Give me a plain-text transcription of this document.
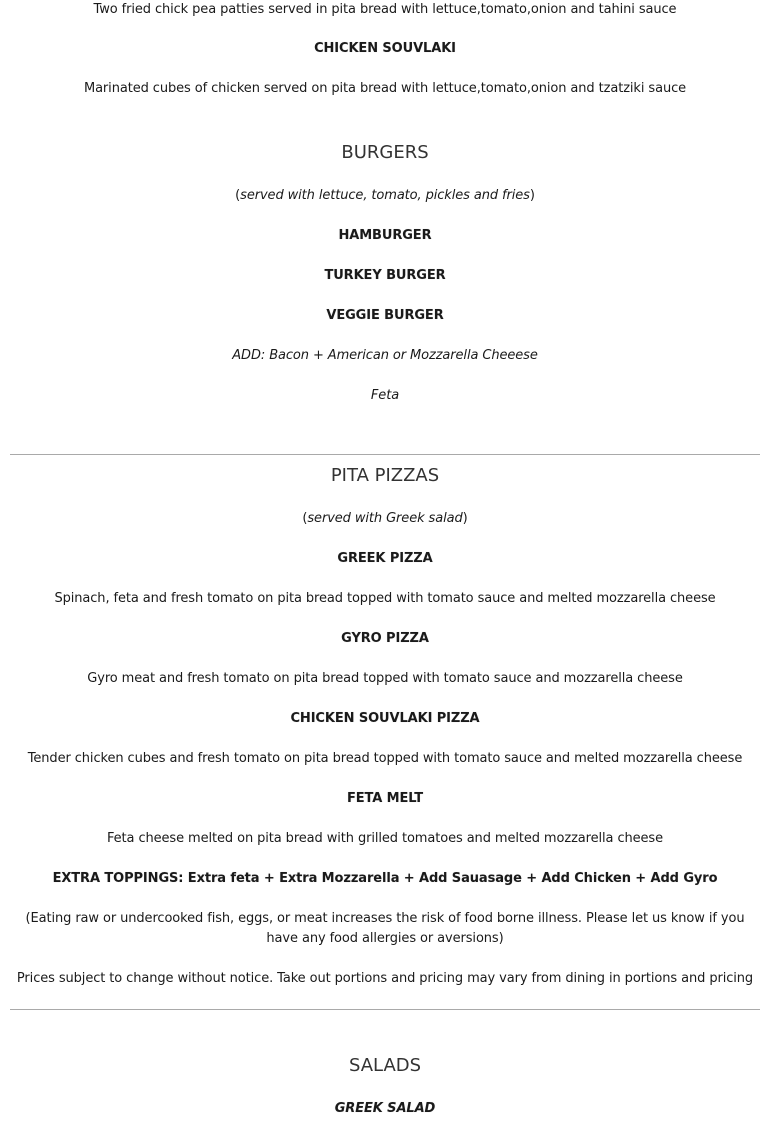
Two fried chick pea patties served in pita bread with lettuce,tomato,onion and tahini sauce
CHICKEN SOUVLAKI
Marinated cubes of chicken served on pita bread with lettuce,tomato,onion and tzatziki sauce
BURGERS
(served with lettuce, tomato, pickles and fries)
HAMBURGER
TURKEY BURGER
VEGGIE BURGER
ADD: Bacon + American or Mozzarella Cheeese
Feta
PITA PIZZAS
(served with Greek salad)
GREEK PIZZA
Spinach, feta and fresh tomato on pita bread topped with tomato sauce and melted mozzarella cheese
GYRO PIZZA
Gyro meat and fresh tomato on pita bread topped with tomato sauce and mozzarella cheese
CHICKEN SOUVLAKI PIZZA
Tender chicken cubes and fresh tomato on pita bread topped with tomato sauce and melted mozzarella cheese
FETA MELT
Feta cheese melted on pita bread with grilled tomatoes and melted mozzarella cheese
EXTRA TOPPINGS: Extra feta + Extra Mozzarella + Add Sauasage + Add Chicken + Add Gyro
(Eating raw or undercooked fish, eggs, or meat increases the risk of food borne illness. Please let us know if you have any food allergies or aversions)
Prices subject to change without notice. Take out portions and pricing may vary from dining in portions and pricing
SALADS
GREEK SALAD
